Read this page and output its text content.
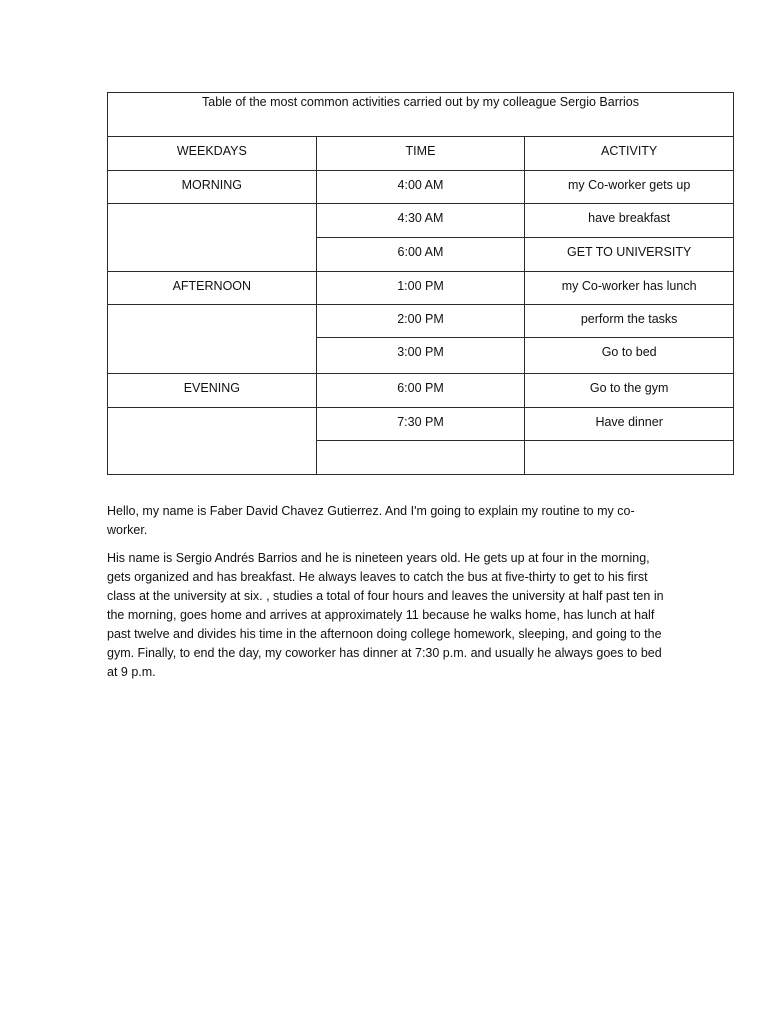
Table of the most common activities carried out by my colleague Sergio Barrios		
WEEKDAYS	TIME	ACTIVITY
MORNING	4:00 AM	my Co-worker gets up
	4:30 AM	have breakfast
	6:00 AM	GET TO UNIVERSITY
AFTERNOON	1:00 PM	my Co-worker has lunch
	2:00 PM	perform the tasks
	3:00 PM	Go to bed
EVENING	6:00 PM	Go to the gym
	7:30 PM	Have dinner

Hello, my name is Faber David Chavez Gutierrez. And I'm going to explain my routine to my co-worker.

His name is Sergio Andrés Barrios and he is nineteen years old. He gets up at four in the morning, gets organized and has breakfast. He always leaves to catch the bus at five-thirty to get to his first class at the university at six. , studies a total of four hours and leaves the university at half past ten in the morning, goes home and arrives at approximately 11 because he walks home, has lunch at half past twelve and divides his time in the afternoon doing college homework, sleeping, and going to the gym. Finally, to end the day, my coworker has dinner at 7:30 p.m. and usually he always goes to bed at 9 p.m.
